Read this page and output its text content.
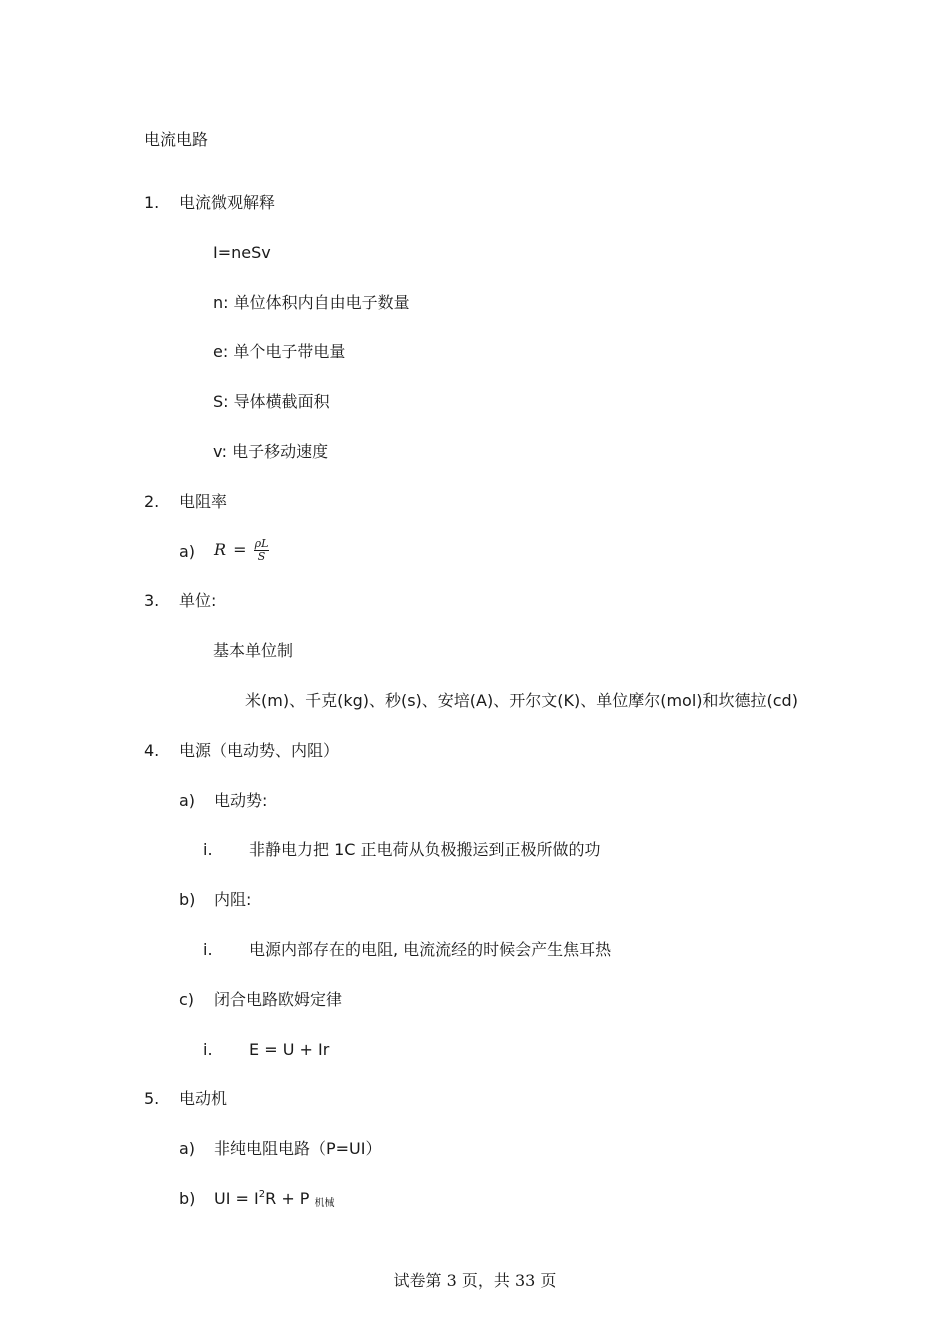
电流电路
1. 电流微观解释
I=neSv
n: 单位体积内自由电子数量
e: 单个电子带电量
S: 导体横截面积
v: 电子移动速度
2. 电阻率
a) $R = \frac{\rho L}{S}$
3. 单位:
基本单位制
米(m)、千克(kg)、秒(s)、安培(A)、开尔文(K)、单位摩尔(mol)和坎德拉(cd)
4. 电源（电动势、内阻）
a) 电动势:
i. 非静电力把 1C 正电荷从负极搬运到正极所做的功
b) 内阻:
i. 电源内部存在的电阻, 电流流经的时候会产生焦耳热
c) 闭合电路欧姆定律
i. E = U + Ir
5. 电动机
a) 非纯电阻电路（P=UI）
b) UI = $I^2R + P$ $_{机械}$
试卷第 3 页，共 33 页
